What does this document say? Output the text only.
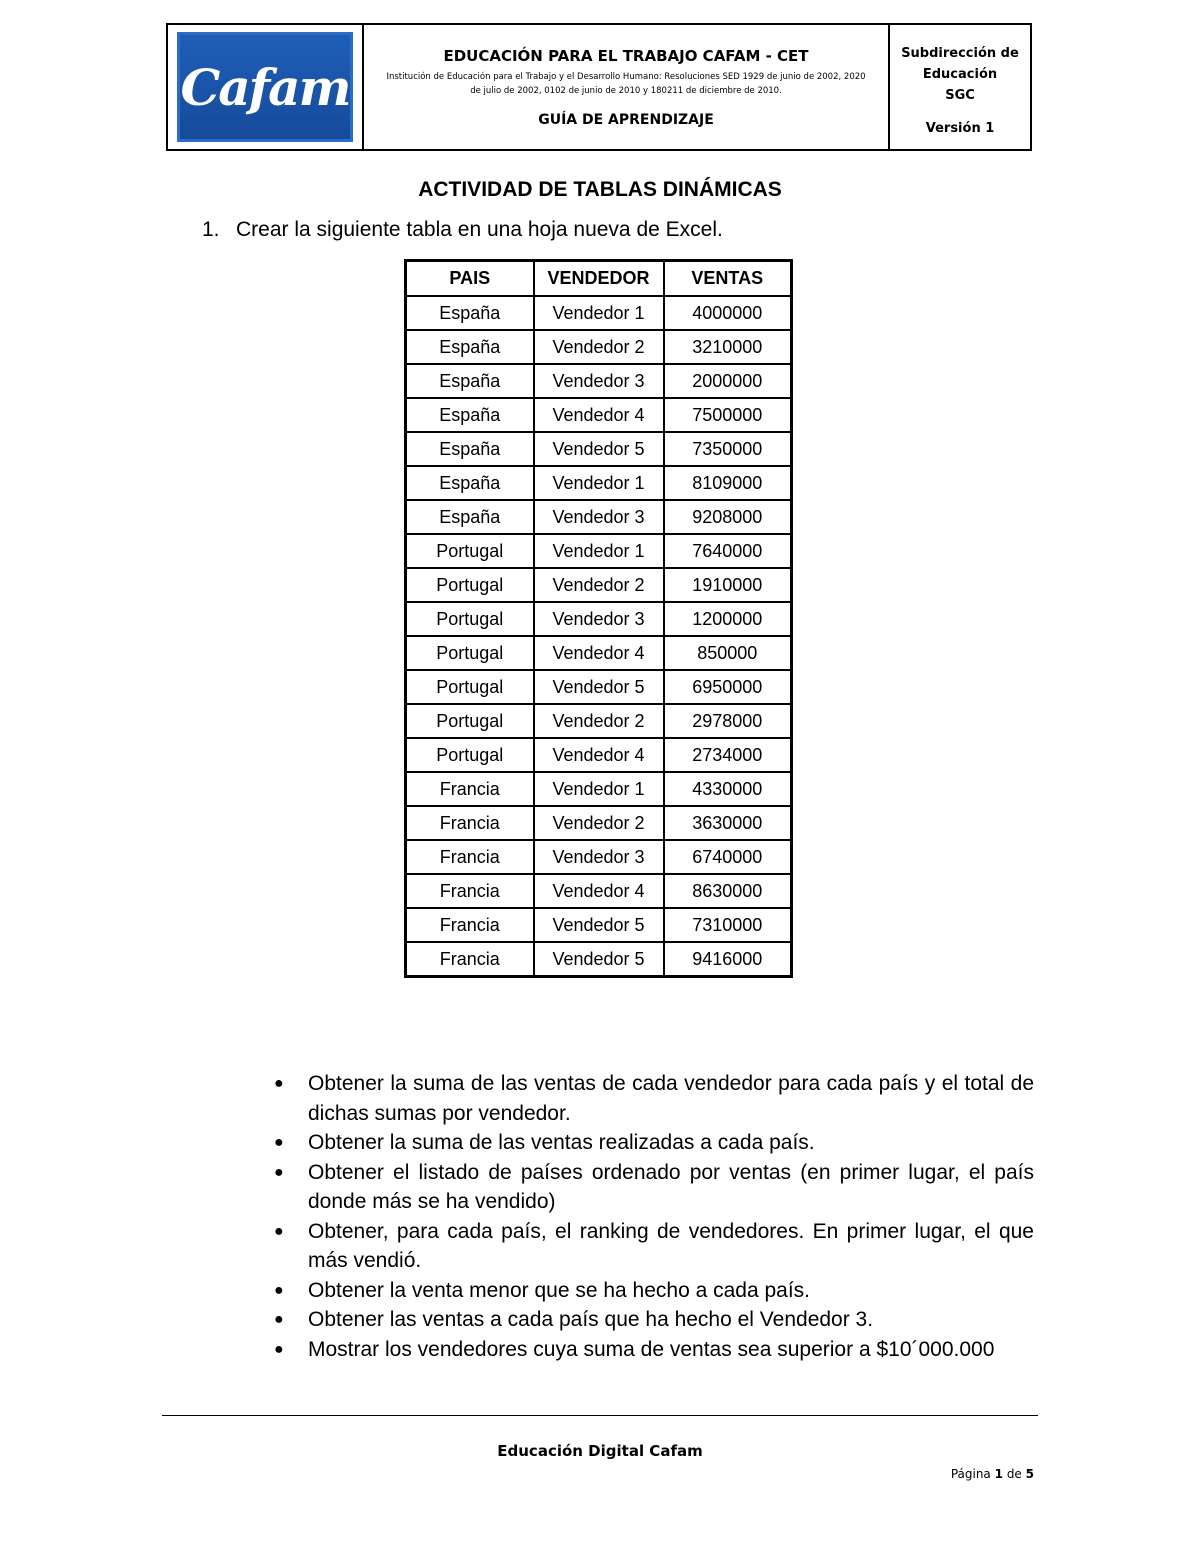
Cafam
EDUCACIÓN PARA EL TRABAJO CAFAM - CET
Institución de Educación para el Trabajo y el Desarrollo Humano: Resoluciones SED 1929 de junio de 2002, 2020 de julio de 2002, 0102 de junio de 2010 y 180211 de diciembre de 2010.
GUÍA DE APRENDIZAJE
Subdirección de
Educación
SGC
Versión 1
ACTIVIDAD DE TABLAS DINÁMICAS
1. Crear la siguiente tabla en una hoja nueva de Excel.
PAIS	VENDEDOR	VENTAS
España	Vendedor 1	4000000
España	Vendedor 2	3210000
España	Vendedor 3	2000000
España	Vendedor 4	7500000
España	Vendedor 5	7350000
España	Vendedor 1	8109000
España	Vendedor 3	9208000
Portugal	Vendedor 1	7640000
Portugal	Vendedor 2	1910000
Portugal	Vendedor 3	1200000
Portugal	Vendedor 4	850000
Portugal	Vendedor 5	6950000
Portugal	Vendedor 2	2978000
Portugal	Vendedor 4	2734000
Francia	Vendedor 1	4330000
Francia	Vendedor 2	3630000
Francia	Vendedor 3	6740000
Francia	Vendedor 4	8630000
Francia	Vendedor 5	7310000
Francia	Vendedor 5	9416000
● Obtener la suma de las ventas de cada vendedor para cada país y el total de dichas sumas por vendedor.
● Obtener la suma de las ventas realizadas a cada país.
● Obtener el listado de países ordenado por ventas (en primer lugar, el país donde más se ha vendido)
● Obtener, para cada país, el ranking de vendedores. En primer lugar, el que más vendió.
● Obtener la venta menor que se ha hecho a cada país.
● Obtener las ventas a cada país que ha hecho el Vendedor 3.
● Mostrar los vendedores cuya suma de ventas sea superior a $10´000.000
Educación Digital Cafam
Página 1 de 5
